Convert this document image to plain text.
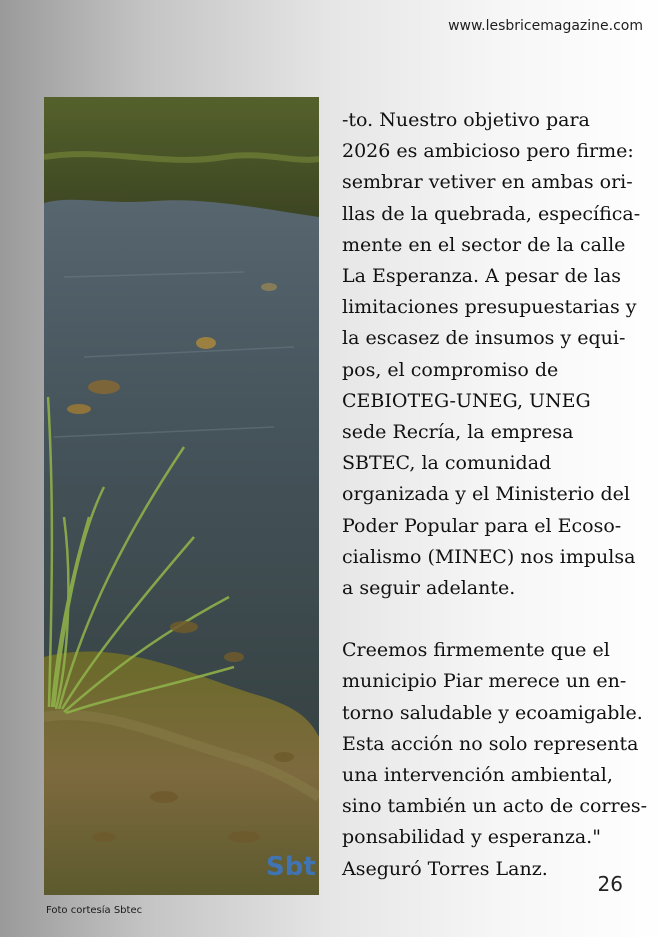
www.lesbricemagazine.com
Sbt
Foto cortesía Sbtec
-to. Nuestro objetivo para
2026 es ambicioso pero firme:
sembrar vetiver en ambas ori-
llas de la quebrada, específica-
mente en el sector de la calle
La Esperanza. A pesar de las
limitaciones presupuestarias y
la escasez de insumos y equi-
pos, el compromiso de
CEBIOTEG-UNEG, UNEG
sede Recría, la empresa
SBTEC, la comunidad
organizada y el Ministerio del
Poder Popular para el Ecoso-
cialismo (MINEC) nos impulsa
a seguir adelante.
Creemos firmemente que el
municipio Piar merece un en-
torno saludable y ecoamigable.
Esta acción no solo representa
una intervención ambiental,
sino también un acto de corres-
ponsabilidad y esperanza."
Aseguró Torres Lanz.
26
